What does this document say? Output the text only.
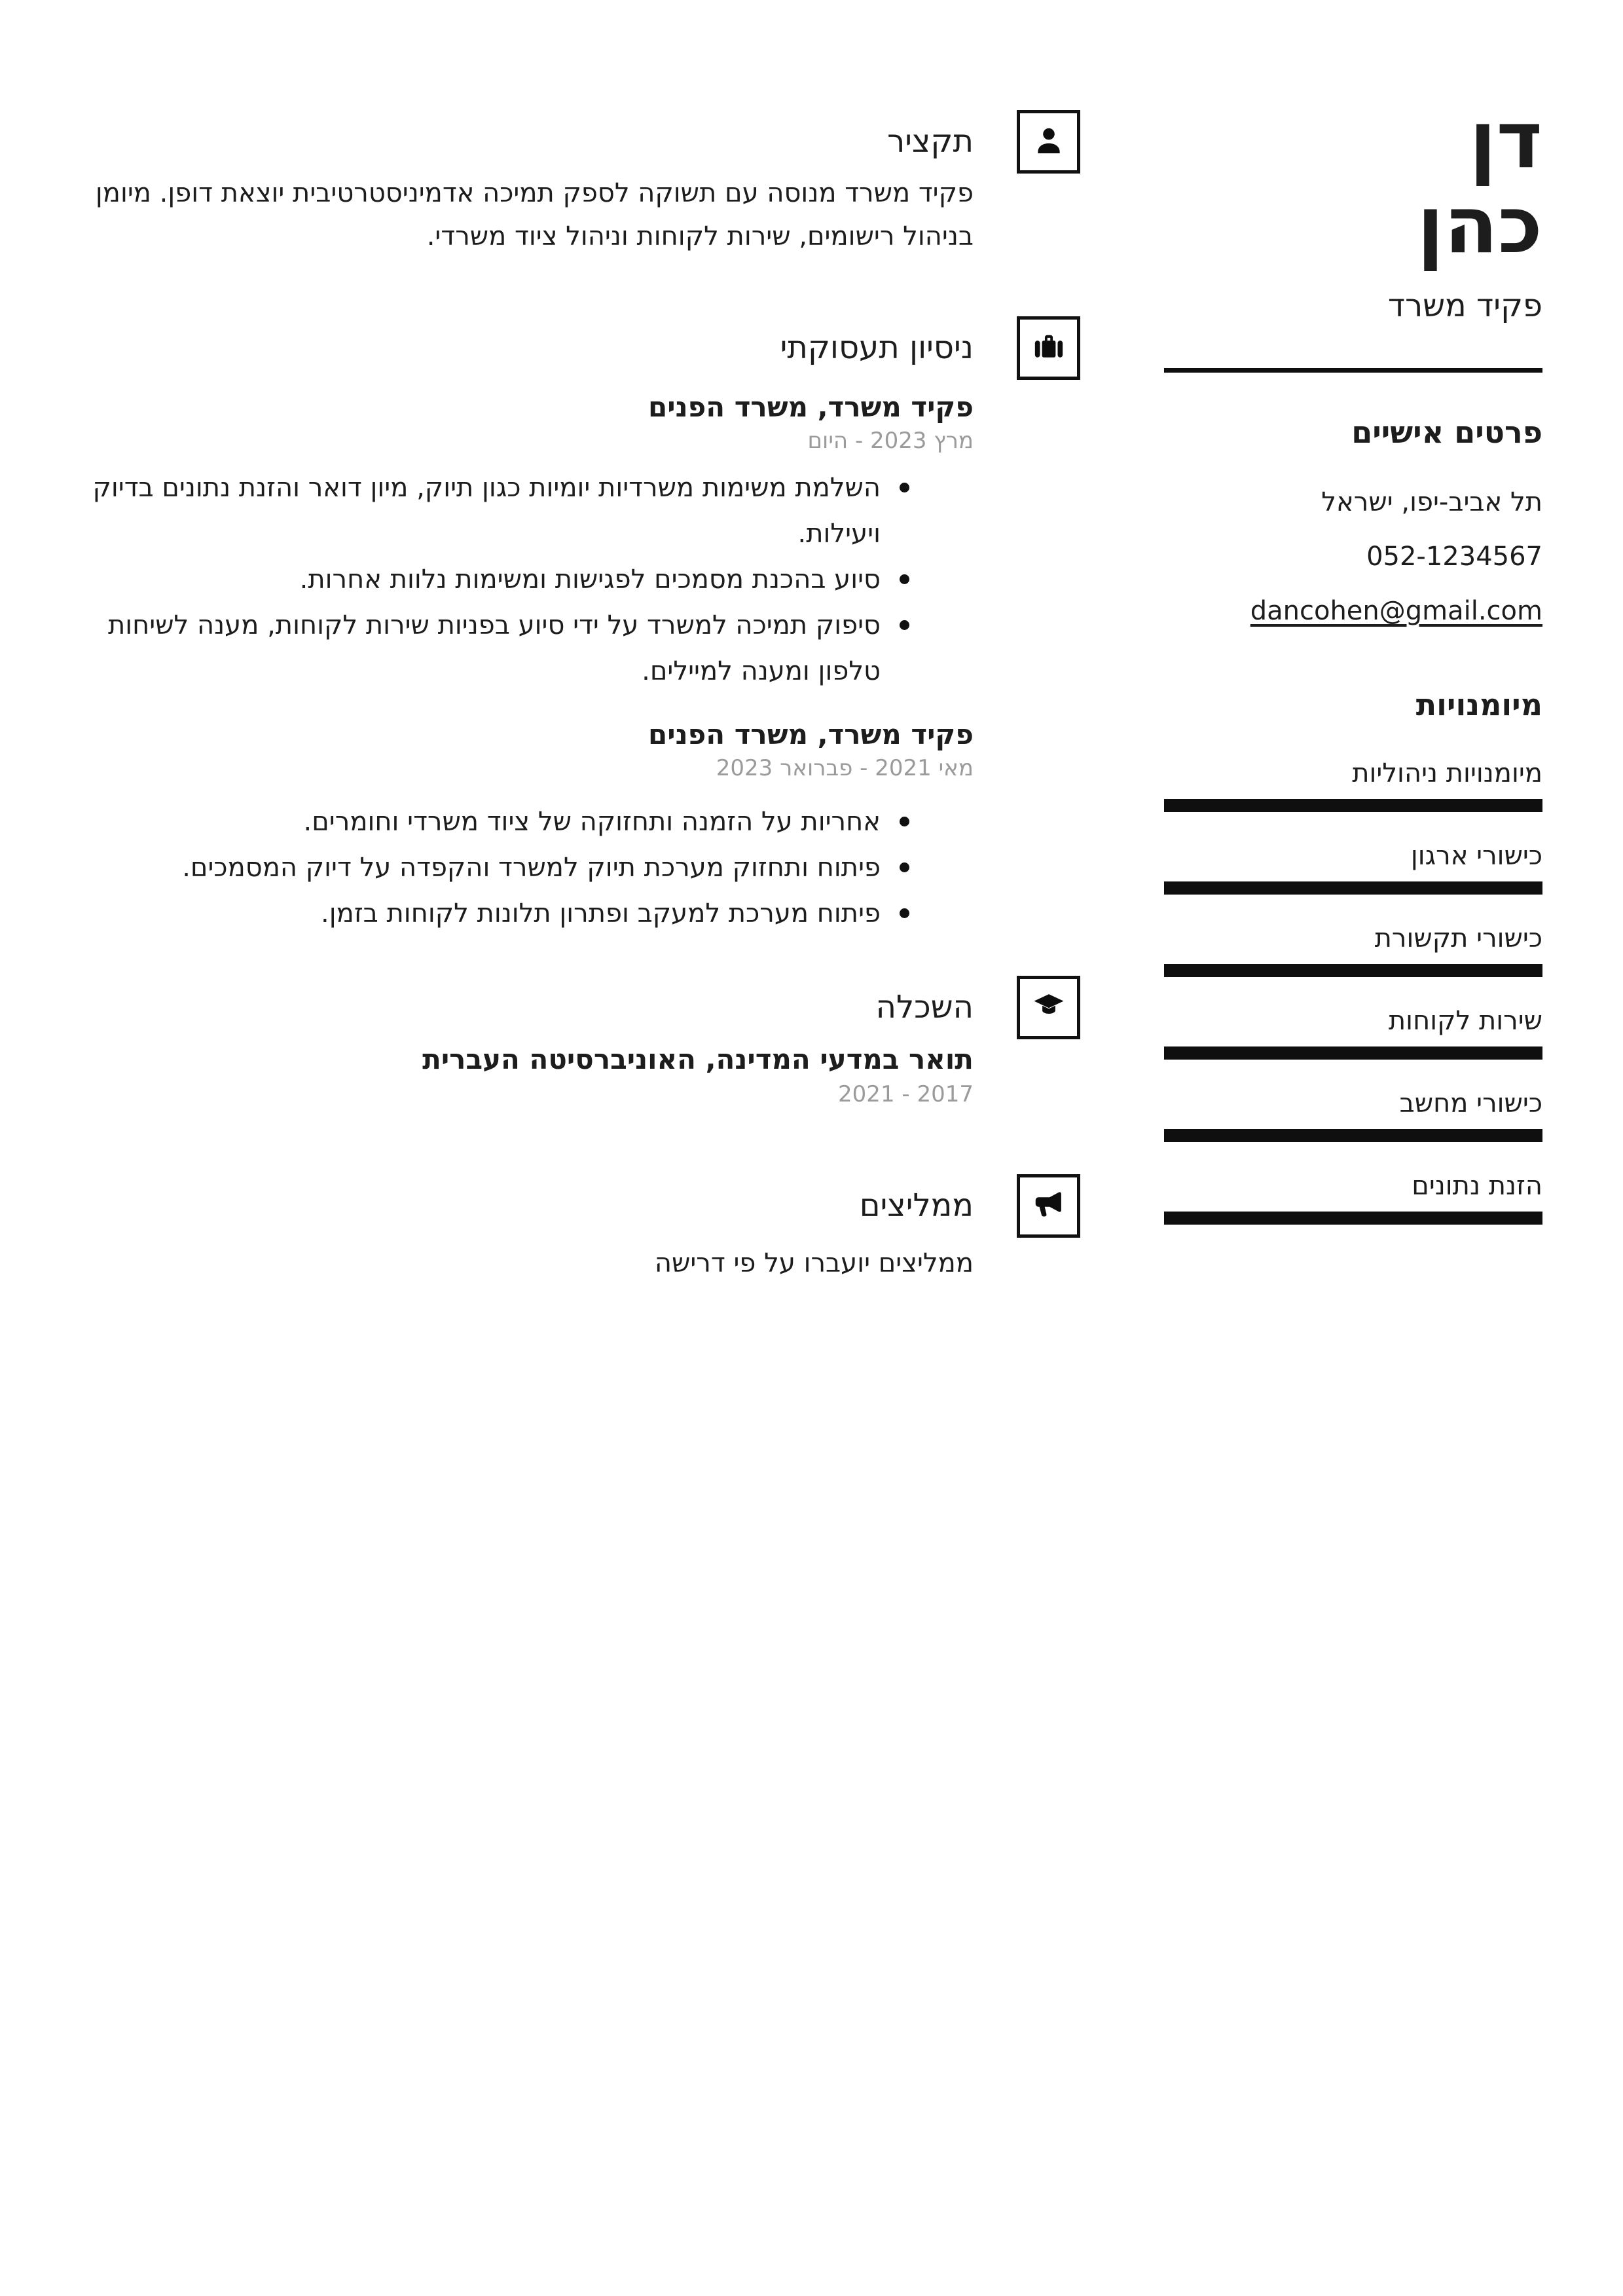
דן
כהן
פקיד משרד
פרטים אישיים
תל אביב-יפו, ישראל
052-1234567
dancohen@gmail.com
מיומנויות
מיומנויות ניהוליות
כישורי ארגון
כישורי תקשורת
שירות לקוחות
כישורי מחשב
הזנת נתונים
תקציר
פקיד משרד מנוסה עם תשוקה לספק תמיכה אדמיניסטרטיבית יוצאת דופן. מיומן בניהול רישומים, שירות לקוחות וניהול ציוד משרדי.
ניסיון תעסוקתי
פקיד משרד, משרד הפנים
מרץ 2023 - היום
השלמת משימות משרדיות יומיות כגון תיוק, מיון דואר והזנת נתונים בדיוק ויעילות.
סיוע בהכנת מסמכים לפגישות ומשימות נלוות אחרות.
סיפוק תמיכה למשרד על ידי סיוע בפניות שירות לקוחות, מענה לשיחות טלפון ומענה למיילים.
פקיד משרד, משרד הפנים
מאי 2021 - פברואר 2023
אחריות על הזמנה ותחזוקה של ציוד משרדי וחומרים.
פיתוח ותחזוק מערכת תיוק למשרד והקפדה על דיוק המסמכים.
פיתוח מערכת למעקב ופתרון תלונות לקוחות בזמן.
השכלה
תואר במדעי המדינה, האוניברסיטה העברית
2017 - 2021
ממליצים
ממליצים יועברו על פי דרישה
